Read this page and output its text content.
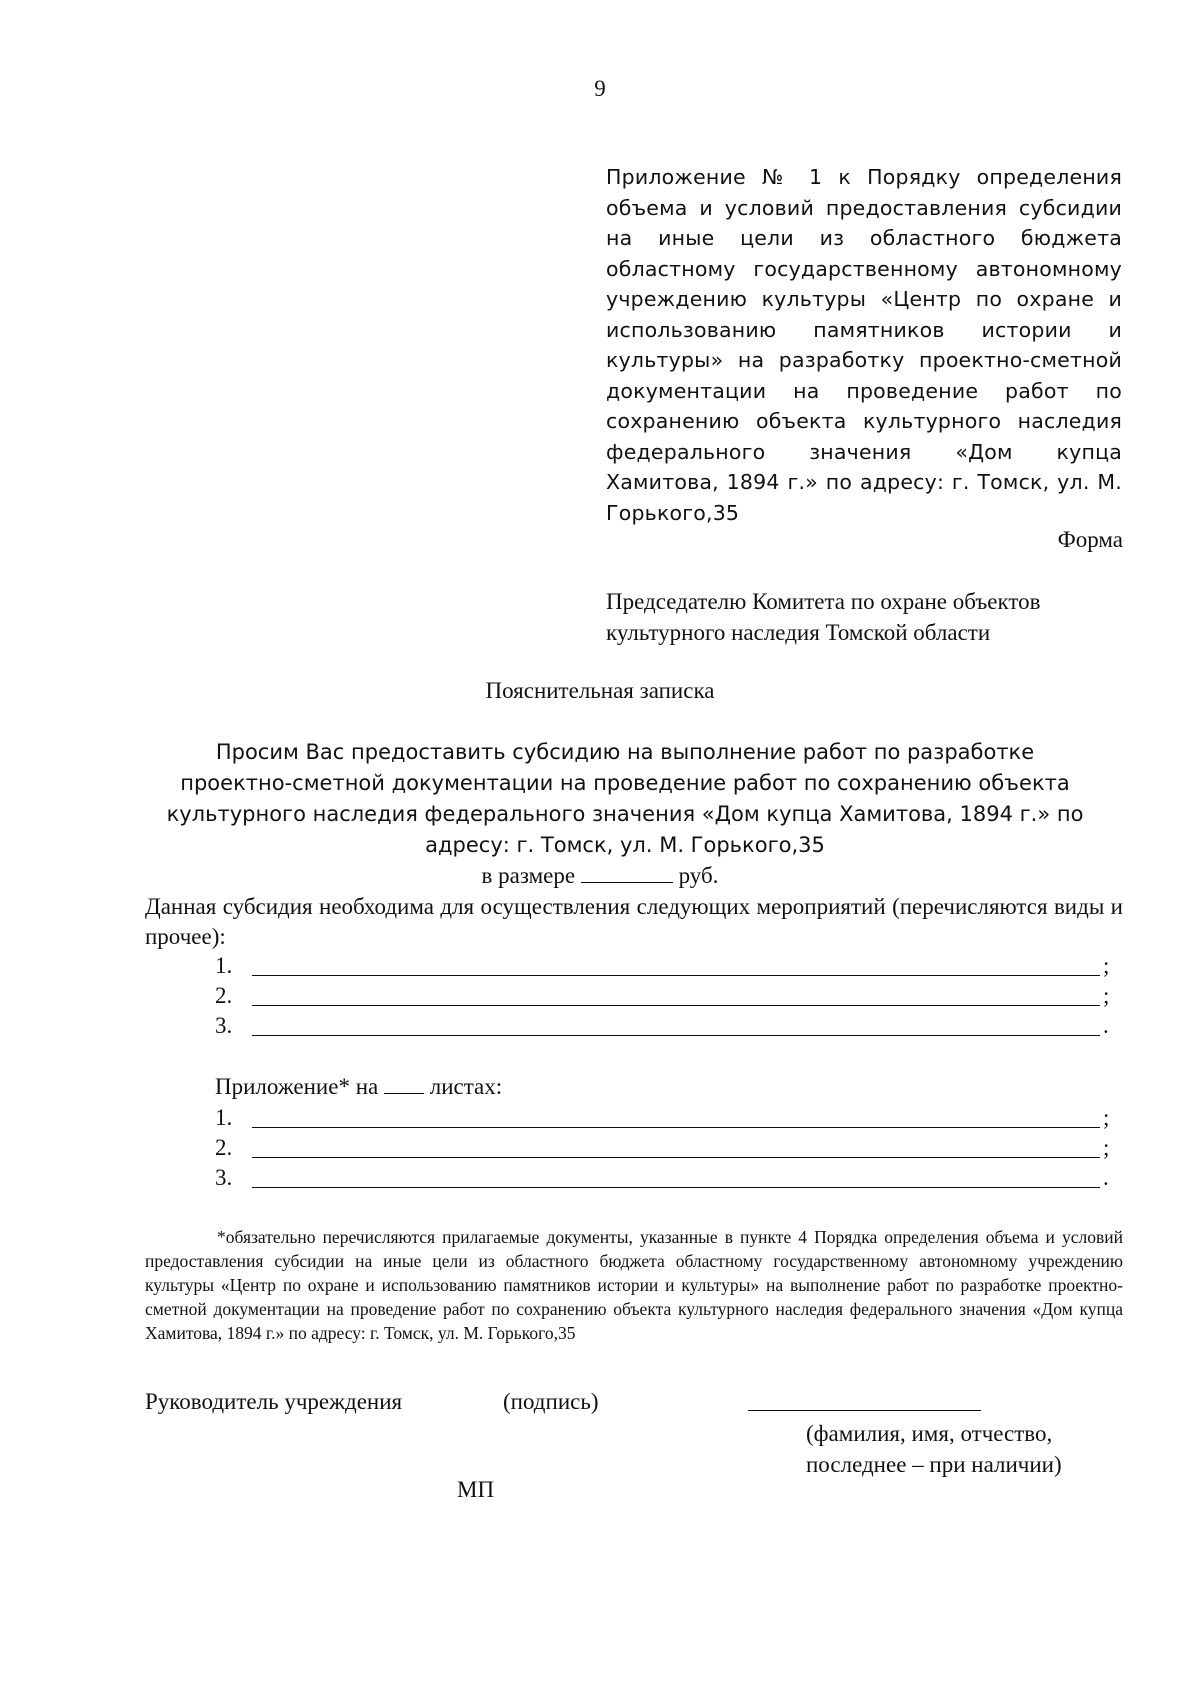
9
Приложение № 1 к Порядку определения объема и условий предоставления субсидии на иные цели из областного бюджета областному государственному автономному учреждению культуры «Центр по охране и использованию памятников истории и культуры» на разработку проектно-сметной документации на проведение работ по сохранению объекта культурного наследия федерального значения «Дом купца Хамитова, 1894 г.» по адресу: г. Томск, ул. М. Горького,35
Форма
Председателю Комитета по охране объектов
культурного наследия Томской области
Пояснительная записка
Просим Вас предоставить субсидию на выполнение работ по разработке
проектно-сметной документации на проведение работ по сохранению объекта
культурного наследия федерального значения «Дом купца Хамитова, 1894 г.» по
адресу: г. Томск, ул. М. Горького,35
в размере	руб.
Данная субсидия необходима для осуществления следующих мероприятий (перечисляются виды и прочее):
1.	;
2.	;
3.	.
Приложение* на листах:
1.	;
2.	;
3.	.
*обязательно перечисляются прилагаемые документы, указанные в пункте 4 Порядка определения объема и условий предоставления субсидии на иные цели из областного бюджета областному государственному автономному учреждению культуры «Центр по охране и использованию памятников истории и культуры» на выполнение работ по разработке проектно-сметной документации на проведение работ по сохранению объекта культурного наследия федерального значения «Дом купца Хамитова, 1894 г.» по адресу: г. Томск, ул. М. Горького,35
Руководитель учреждения	(подпись)
(фамилия, имя, отчество,
последнее – при наличии)
МП
